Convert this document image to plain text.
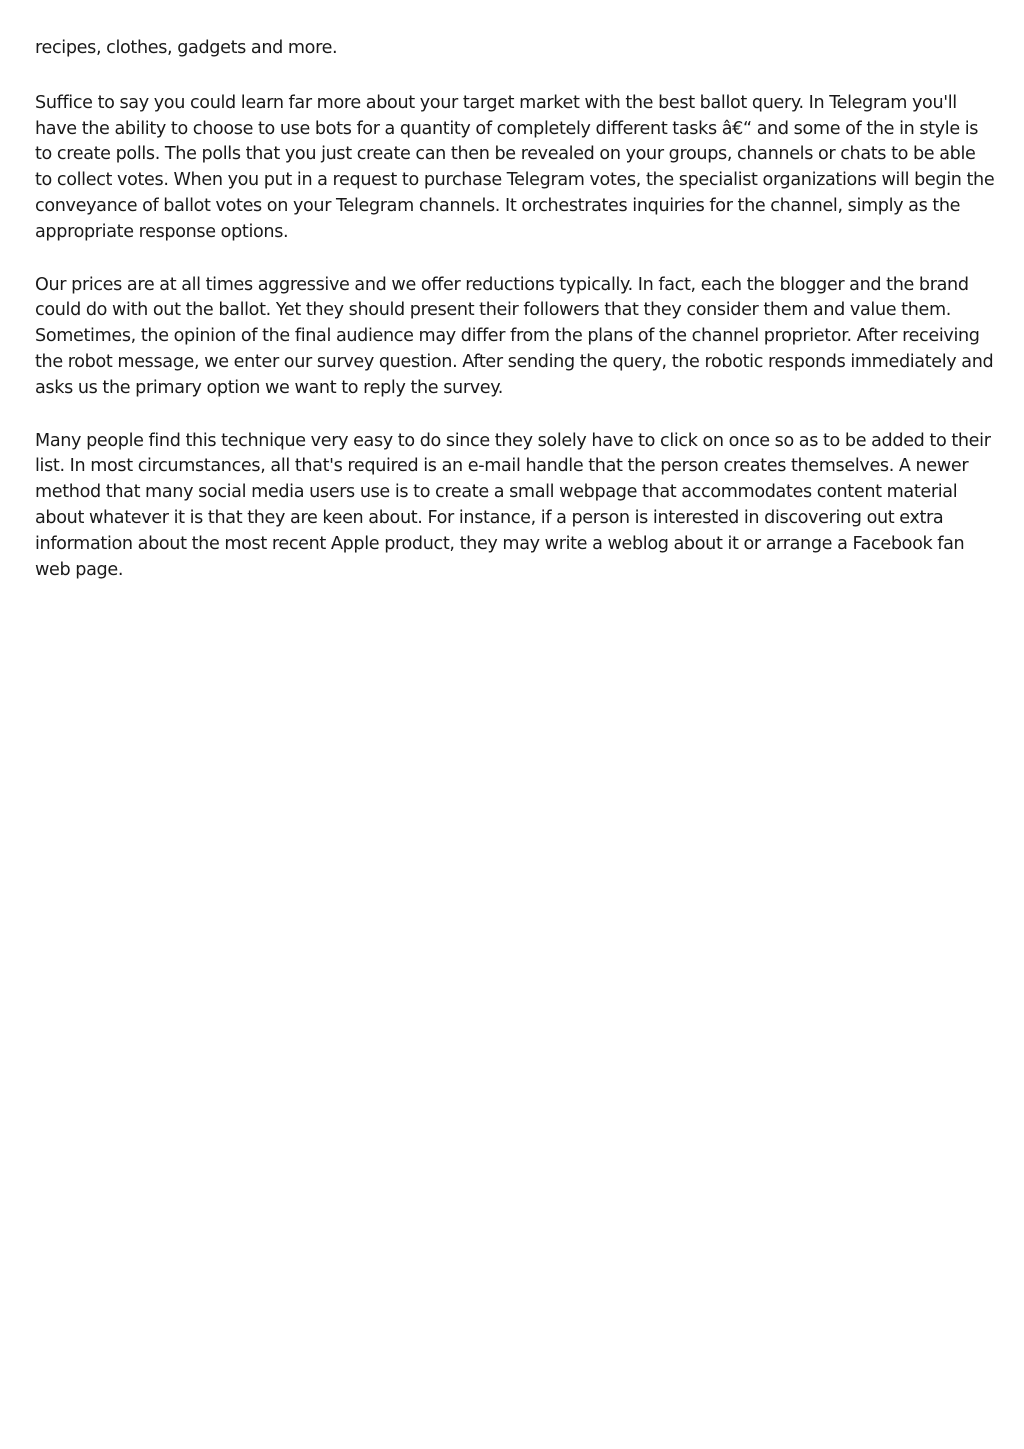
recipes, clothes, gadgets and more.

Suffice to say you could learn far more about your target market with the best ballot query. In Telegram you'll have the ability to choose to use bots for a quantity of completely different tasks â€“ and some of the in style is to create polls. The polls that you just create can then be revealed on your groups, channels or chats to be able to collect votes. When you put in a request to purchase Telegram votes, the specialist organizations will begin the conveyance of ballot votes on your Telegram channels. It orchestrates inquiries for the channel, simply as the appropriate response options.

Our prices are at all times aggressive and we offer reductions typically. In fact, each the blogger and the brand could do with out the ballot. Yet they should present their followers that they consider them and value them. Sometimes, the opinion of the final audience may differ from the plans of the channel proprietor. After receiving the robot message, we enter our survey question. After sending the query, the robotic responds immediately and asks us the primary option we want to reply the survey.

Many people find this technique very easy to do since they solely have to click on once so as to be added to their list. In most circumstances, all that's required is an e-mail handle that the person creates themselves. A newer method that many social media users use is to create a small webpage that accommodates content material about whatever it is that they are keen about. For instance, if a person is interested in discovering out extra information about the most recent Apple product, they may write a weblog about it or arrange a Facebook fan web page.
